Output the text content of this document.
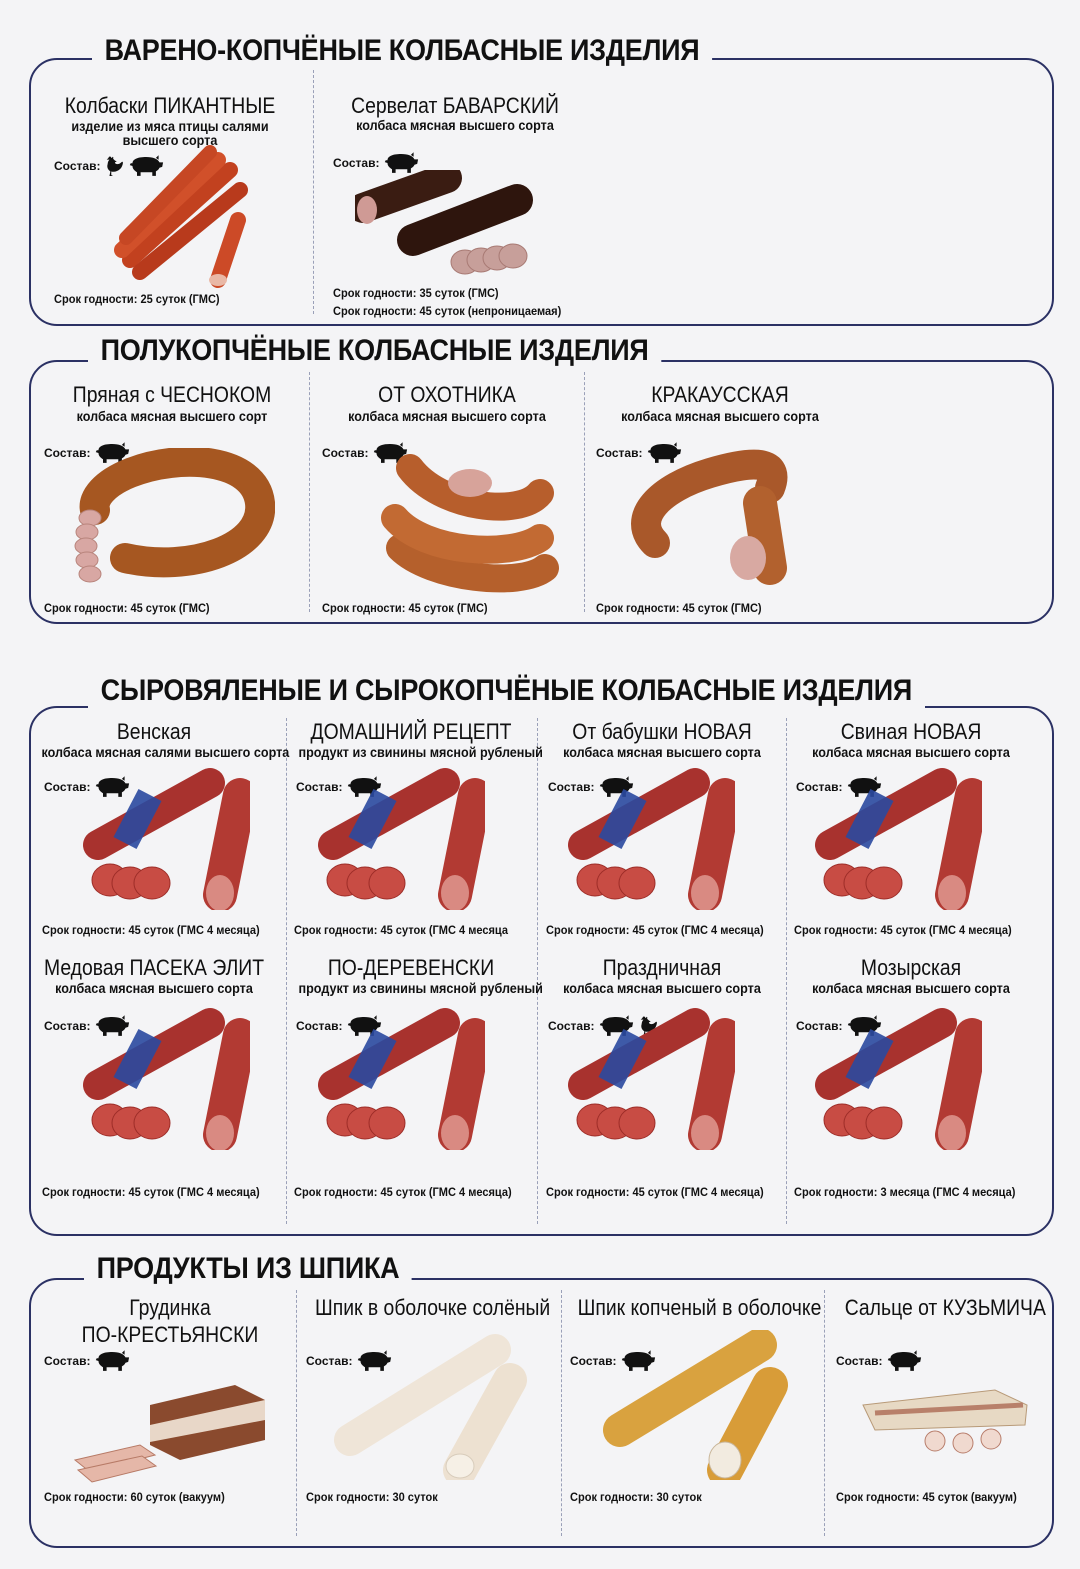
ВАРЕНО-КОПЧЁНЫЕ КОЛБАСНЫЕ ИЗДЕЛИЯ
Колбаски ПИКАНТНЫЕ
изделие из мяса птицы салями
высшего сорта
Состав:
Срок годности: 25 суток (ГМС)
Сервелат БАВАРСКИЙ
колбаса мясная высшего сорта
Состав:
Срок годности: 35 суток (ГМС)
Срок годности: 45 суток (непроницаемая)
ПОЛУКОПЧЁНЫЕ КОЛБАСНЫЕ ИЗДЕЛИЯ
Пряная с ЧЕСНОКОМ
колбаса мясная высшего сорт
Состав:
Срок годности: 45 суток (ГМС)
ОТ ОХОТНИКА
колбаса мясная высшего сорта
Состав:
Срок годности: 45 суток (ГМС)
КРАКАУССКАЯ
колбаса мясная высшего сорта
Состав:
Срок годности: 45 суток (ГМС)
СЫРОВЯЛЕНЫЕ И СЫРОКОПЧЁНЫЕ КОЛБАСНЫЕ ИЗДЕЛИЯ
Венская
колбаса мясная салями высшего сорта
Состав:
Срок годности: 45 суток (ГМС 4 месяца)
ДОМАШНИЙ РЕЦЕПТ
продукт из свинины мясной рубленый
Состав:
Срок годности: 45 суток (ГМС 4 месяца
От бабушки НОВАЯ
колбаса мясная высшего сорта
Состав:
Срок годности: 45 суток (ГМС 4 месяца)
Свиная НОВАЯ
колбаса мясная высшего сорта
Состав:
Срок годности: 45 суток (ГМС 4 месяца)
Медовая ПАСЕКА ЭЛИТ
колбаса мясная высшего сорта
Состав:
Срок годности: 45 суток (ГМС 4 месяца)
ПО-ДЕРЕВЕНСКИ
продукт из свинины мясной рубленый
Состав:
Срок годности: 45 суток (ГМС 4 месяца)
Праздничная
колбаса мясная высшего сорта
Состав:
Срок годности: 45 суток (ГМС 4 месяца)
Мозырская
колбаса мясная высшего сорта
Состав:
Срок годности: 3 месяца (ГМС 4 месяца)
ПРОДУКТЫ ИЗ ШПИКА
Грудинка
ПО-КРЕСТЬЯНСКИ
Состав:
Срок годности: 60 суток (вакуум)
Шпик в оболочке солёный
Состав:
Срок годности: 30 суток
Шпик копченый в оболочке
Состав:
Срок годности: 30 суток
Сальце от КУЗЬМИЧА
Состав:
Срок годности: 45 суток (вакуум)
